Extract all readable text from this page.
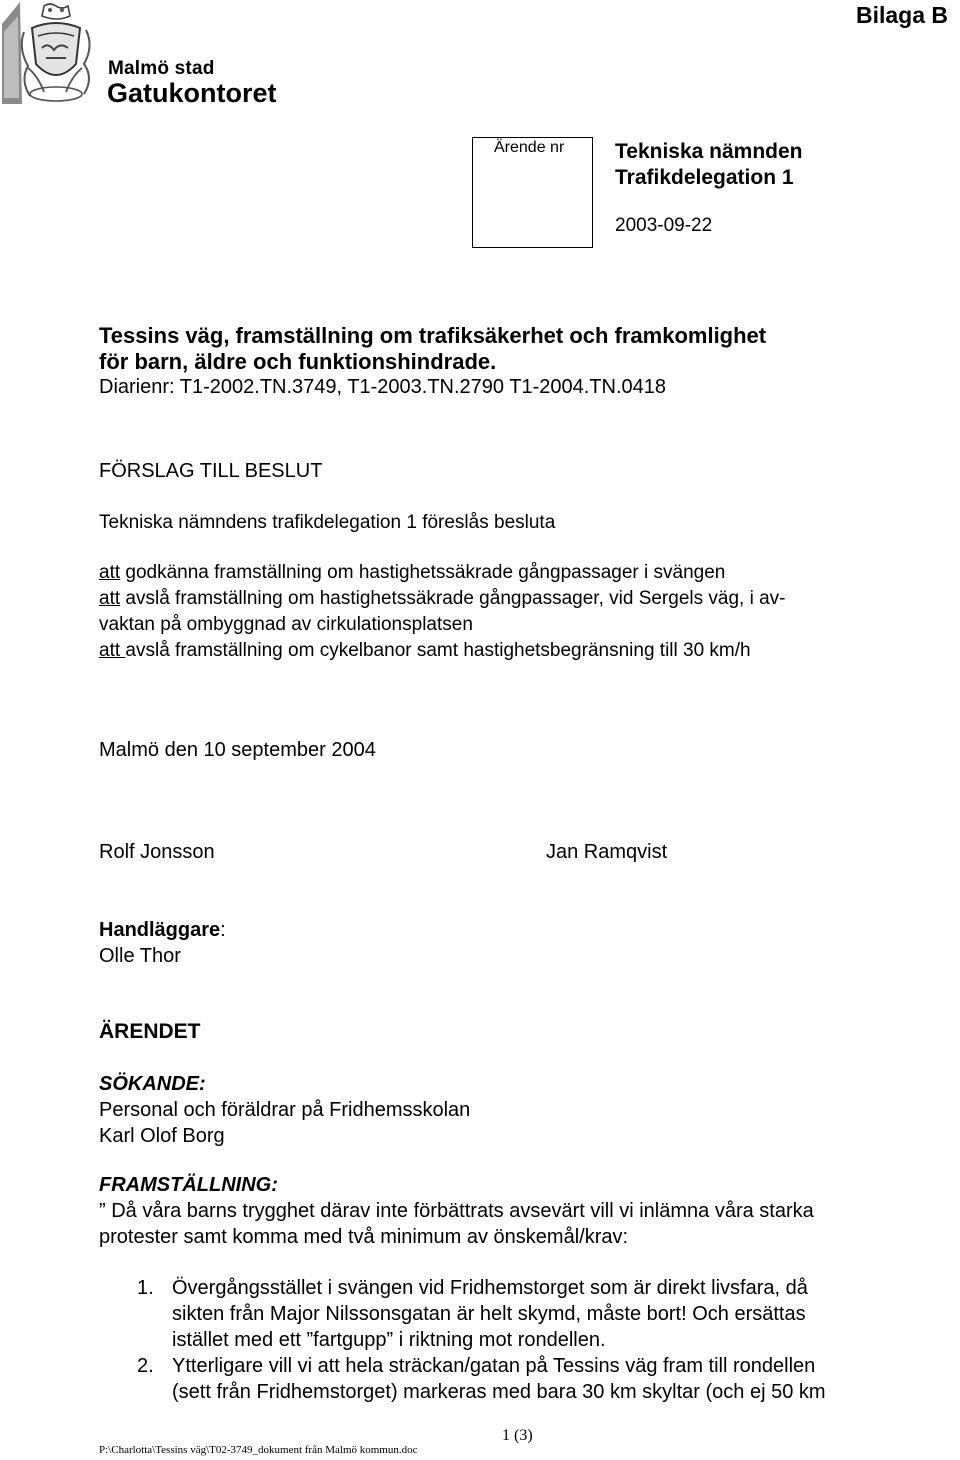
Malmö stad
Gatukontoret
Bilaga B
Ärende nr Tekniska nämnden
Trafikdelegation 1
2003-09-22
Tessins väg, framställning om trafiksäkerhet och framkomlighet
för barn, äldre och funktionshindrade.
Diarienr: T1-2002.TN.3749, T1-2003.TN.2790 T1-2004.TN.0418
FÖRSLAG TILL BESLUT
Tekniska nämndens trafikdelegation 1 föreslås besluta
att godkänna framställning om hastighetssäkrade gångpassager i svängen
att avslå framställning om hastighetssäkrade gångpassager, vid Sergels väg, i av-
vaktan på ombyggnad av cirkulationsplatsen
att avslå framställning om cykelbanor samt hastighetsbegränsning till 30 km/h
Malmö den 10 september 2004
Rolf Jonsson	Jan Ramqvist
Handläggare:
Olle Thor
ÄRENDET
SÖKANDE:
Personal och föräldrar på Fridhemsskolan
Karl Olof Borg
FRAMSTÄLLNING:
” Då våra barns trygghet därav inte förbättrats avsevärt vill vi inlämna våra starka
protester samt komma med två minimum av önskemål/krav:
1. Övergångsstället i svängen vid Fridhemstorget som är direkt livsfara, då
sikten från Major Nilssonsgatan är helt skymd, måste bort! Och ersättas
istället med ett ”fartgupp” i riktning mot rondellen.
2. Ytterligare vill vi att hela sträckan/gatan på Tessins väg fram till rondellen
(sett från Fridhemstorget) markeras med bara 30 km skyltar (och ej 50 km
1 (3)
P:\Charlotta\Tessins väg\T02-3749_dokument från Malmö kommun.doc
